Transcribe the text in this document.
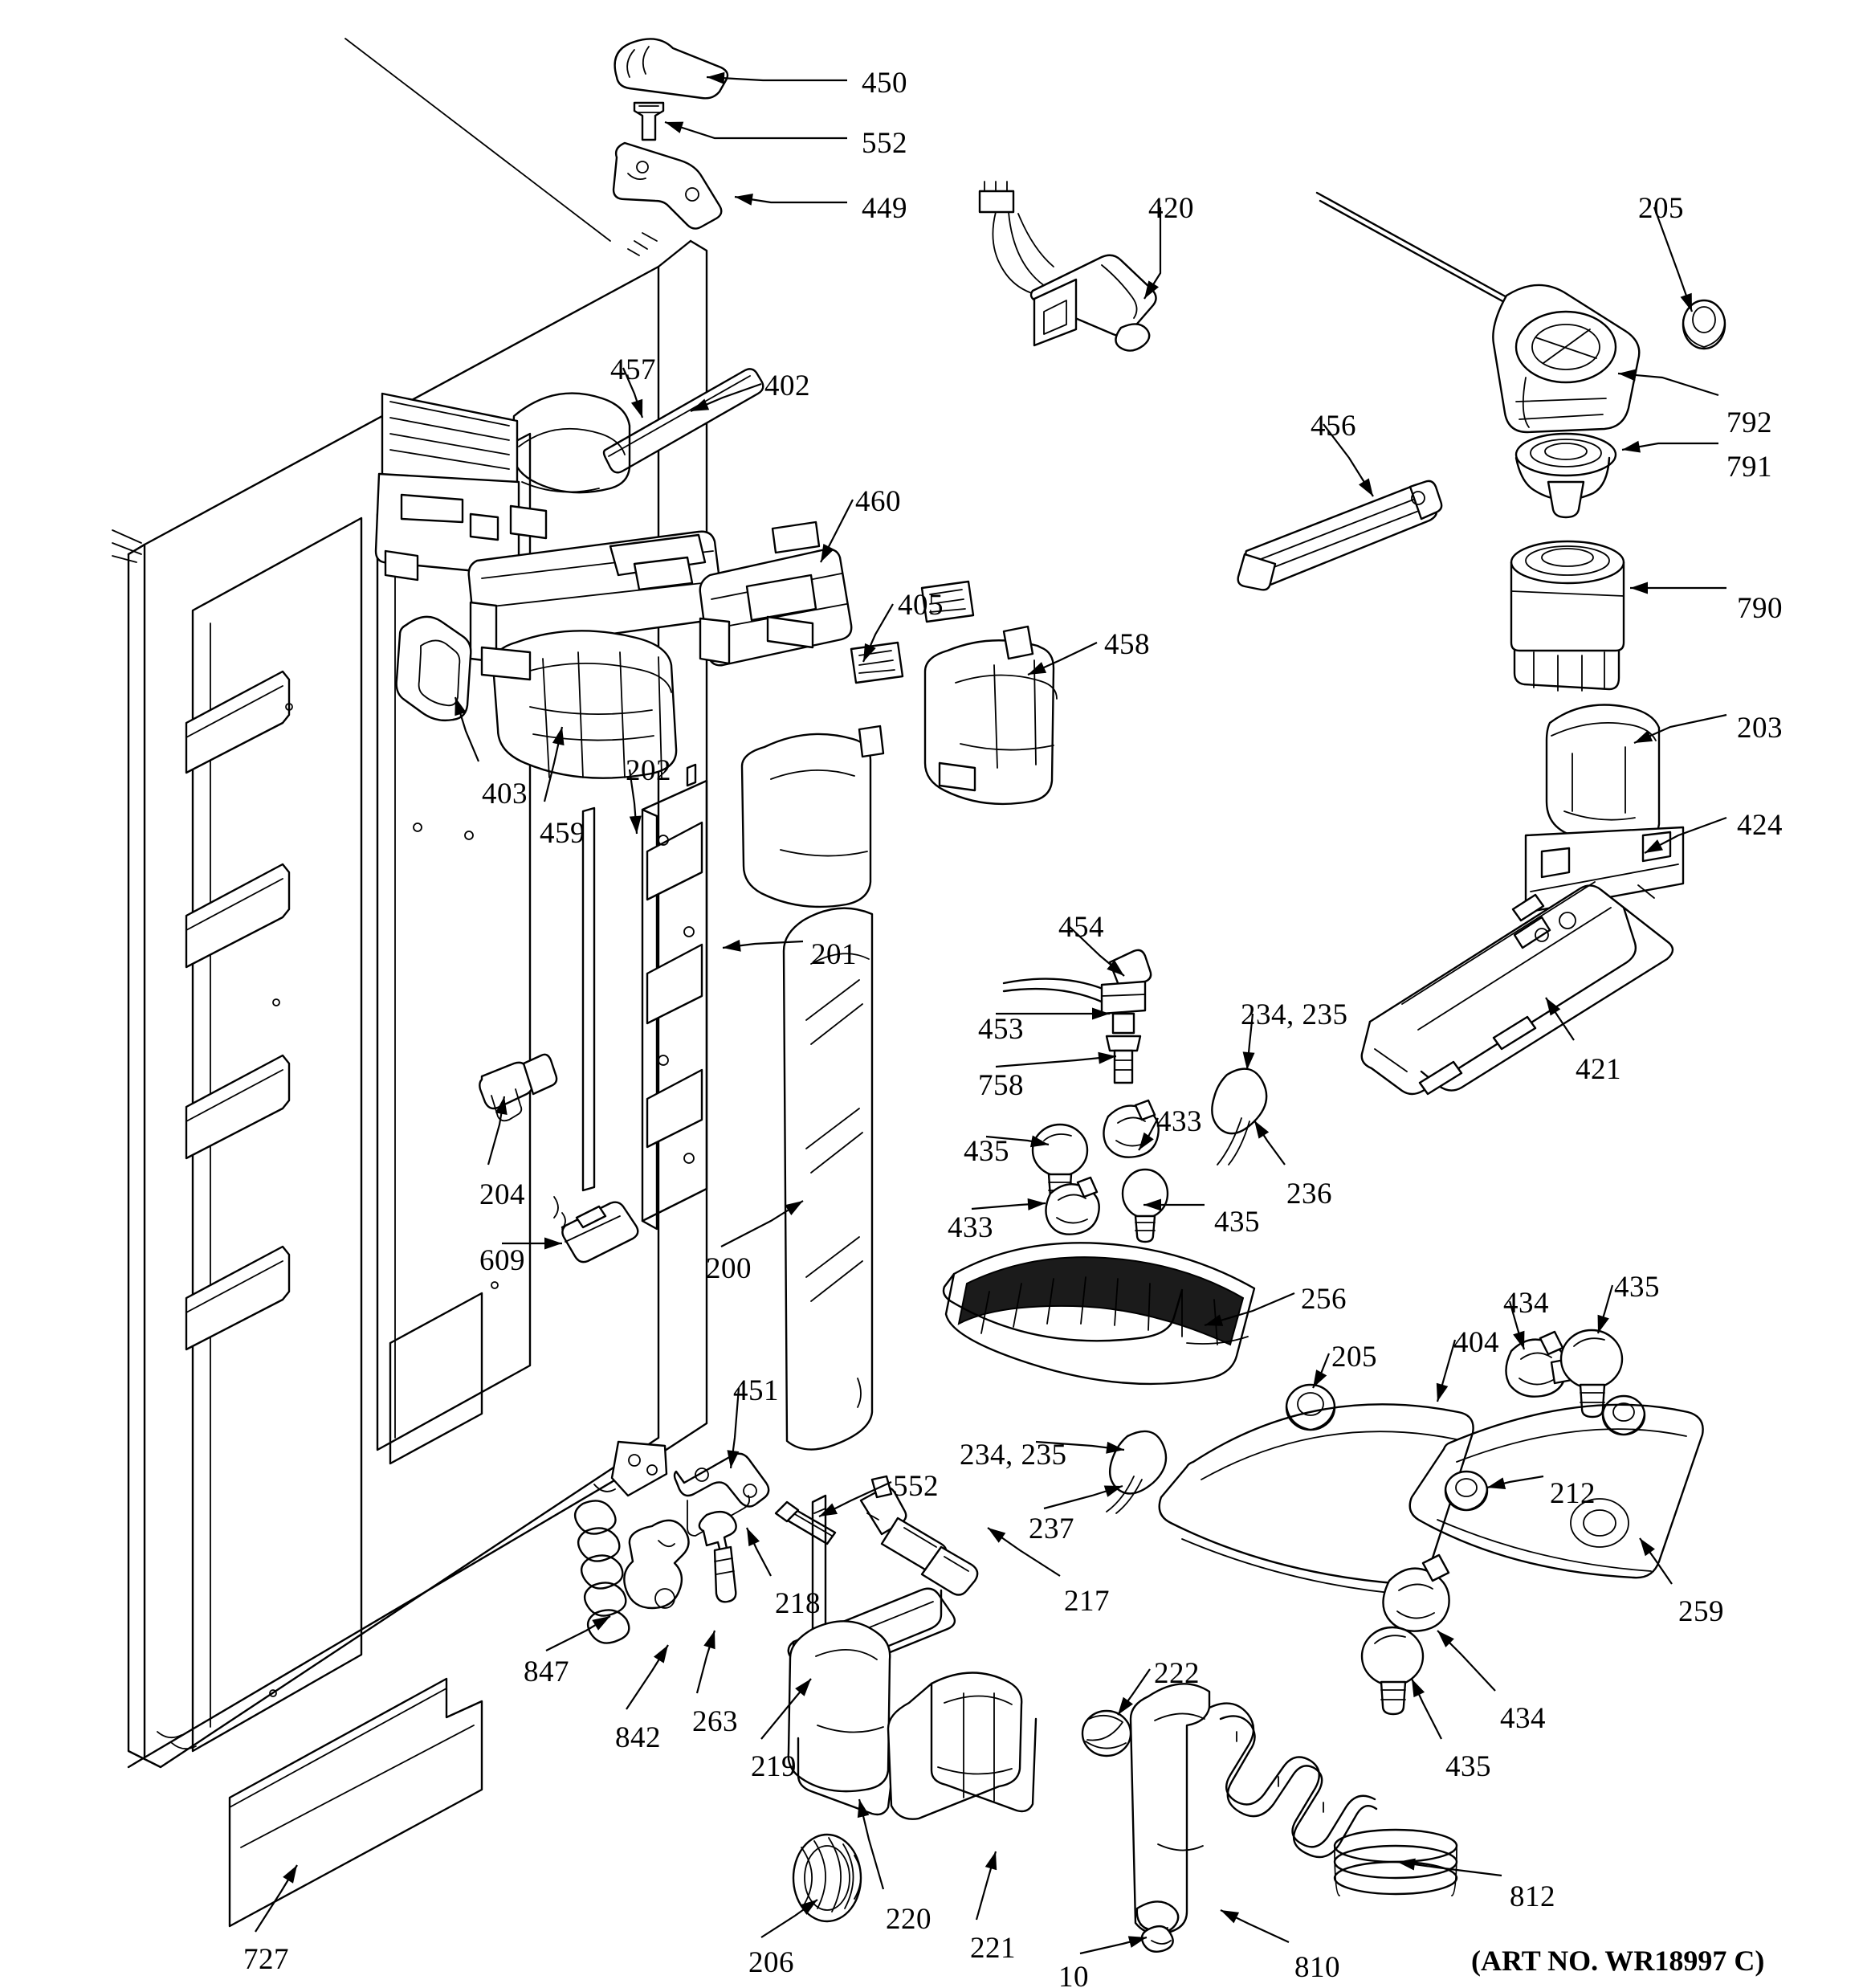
450
552
449	420	205
792
791
456
457	402
460
405
458
790
203
424
403
459
202
201
454
453
758
433
234, 235
236
435
433	435
421
200
204
609
256
205	404
434 435
212
259
234, 235
237
451
552
217
218
263
842
847
219
220
206	221
222
434
435
812
810
10
727	(ART NO. WR18997 C)
